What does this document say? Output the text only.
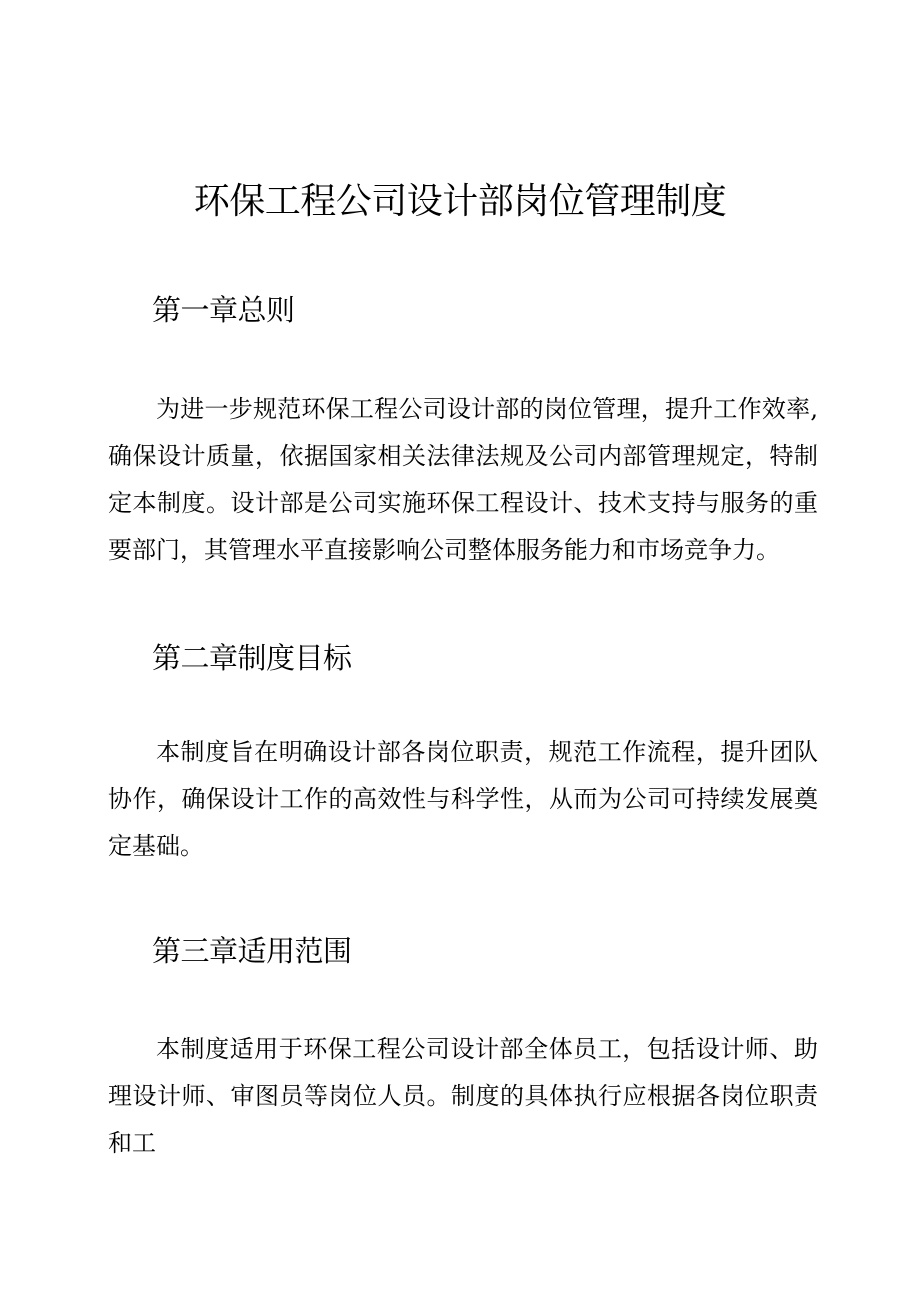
环保工程公司设计部岗位管理制度
第一章总则

为进一步规范环保工程公司设计部的岗位管理，提升工作效率,确保设计质量，依据国家相关法律法规及公司内部管理规定，特制定本制度。设计部是公司实施环保工程设计、技术支持与服务的重要部门，其管理水平直接影响公司整体服务能力和市场竞争力。

第二章制度目标

本制度旨在明确设计部各岗位职责，规范工作流程，提升团队协作，确保设计工作的高效性与科学性，从而为公司可持续发展奠定基础。

第三章适用范围

本制度适用于环保工程公司设计部全体员工，包括设计师、助理设计师、审图员等岗位人员。制度的具体执行应根据各岗位职责和工
